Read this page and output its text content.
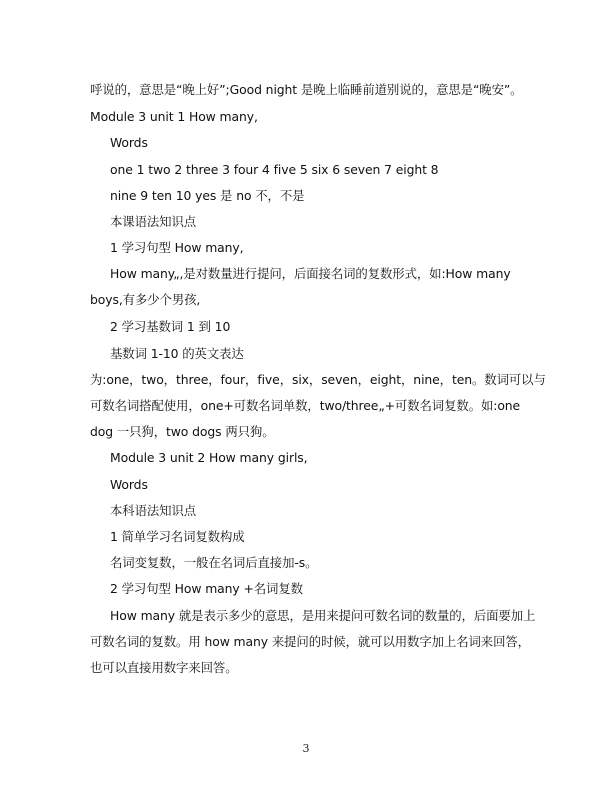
呼说的，意思是“晚上好”;Good night 是晚上临睡前道别说的，意思是“晚安”。
Module 3 unit 1 How many,
Words
one 1 two 2 three 3 four 4 five 5 six 6 seven 7 eight 8
nine 9 ten 10 yes 是 no 不，不是
本课语法知识点
1 学习句型 How many,
How many„,是对数量进行提问，后面接名词的复数形式，如:How many
boys,有多少个男孩,
2 学习基数词 1 到 10
基数词 1-10 的英文表达
为:one，two，three，four，five，six，seven，eight，nine，ten。数词可以与
可数名词搭配使用，one+可数名词单数，two/three„+可数名词复数。如:one
dog 一只狗，two dogs 两只狗。
Module 3 unit 2 How many girls,
Words
本科语法知识点
1 简单学习名词复数构成
名词变复数，一般在名词后直接加-s。
2 学习句型 How many +名词复数
How many 就是表示多少的意思，是用来提问可数名词的数量的，后面要加上
可数名词的复数。用 how many 来提问的时候，就可以用数字加上名词来回答，
也可以直接用数字来回答。
3
